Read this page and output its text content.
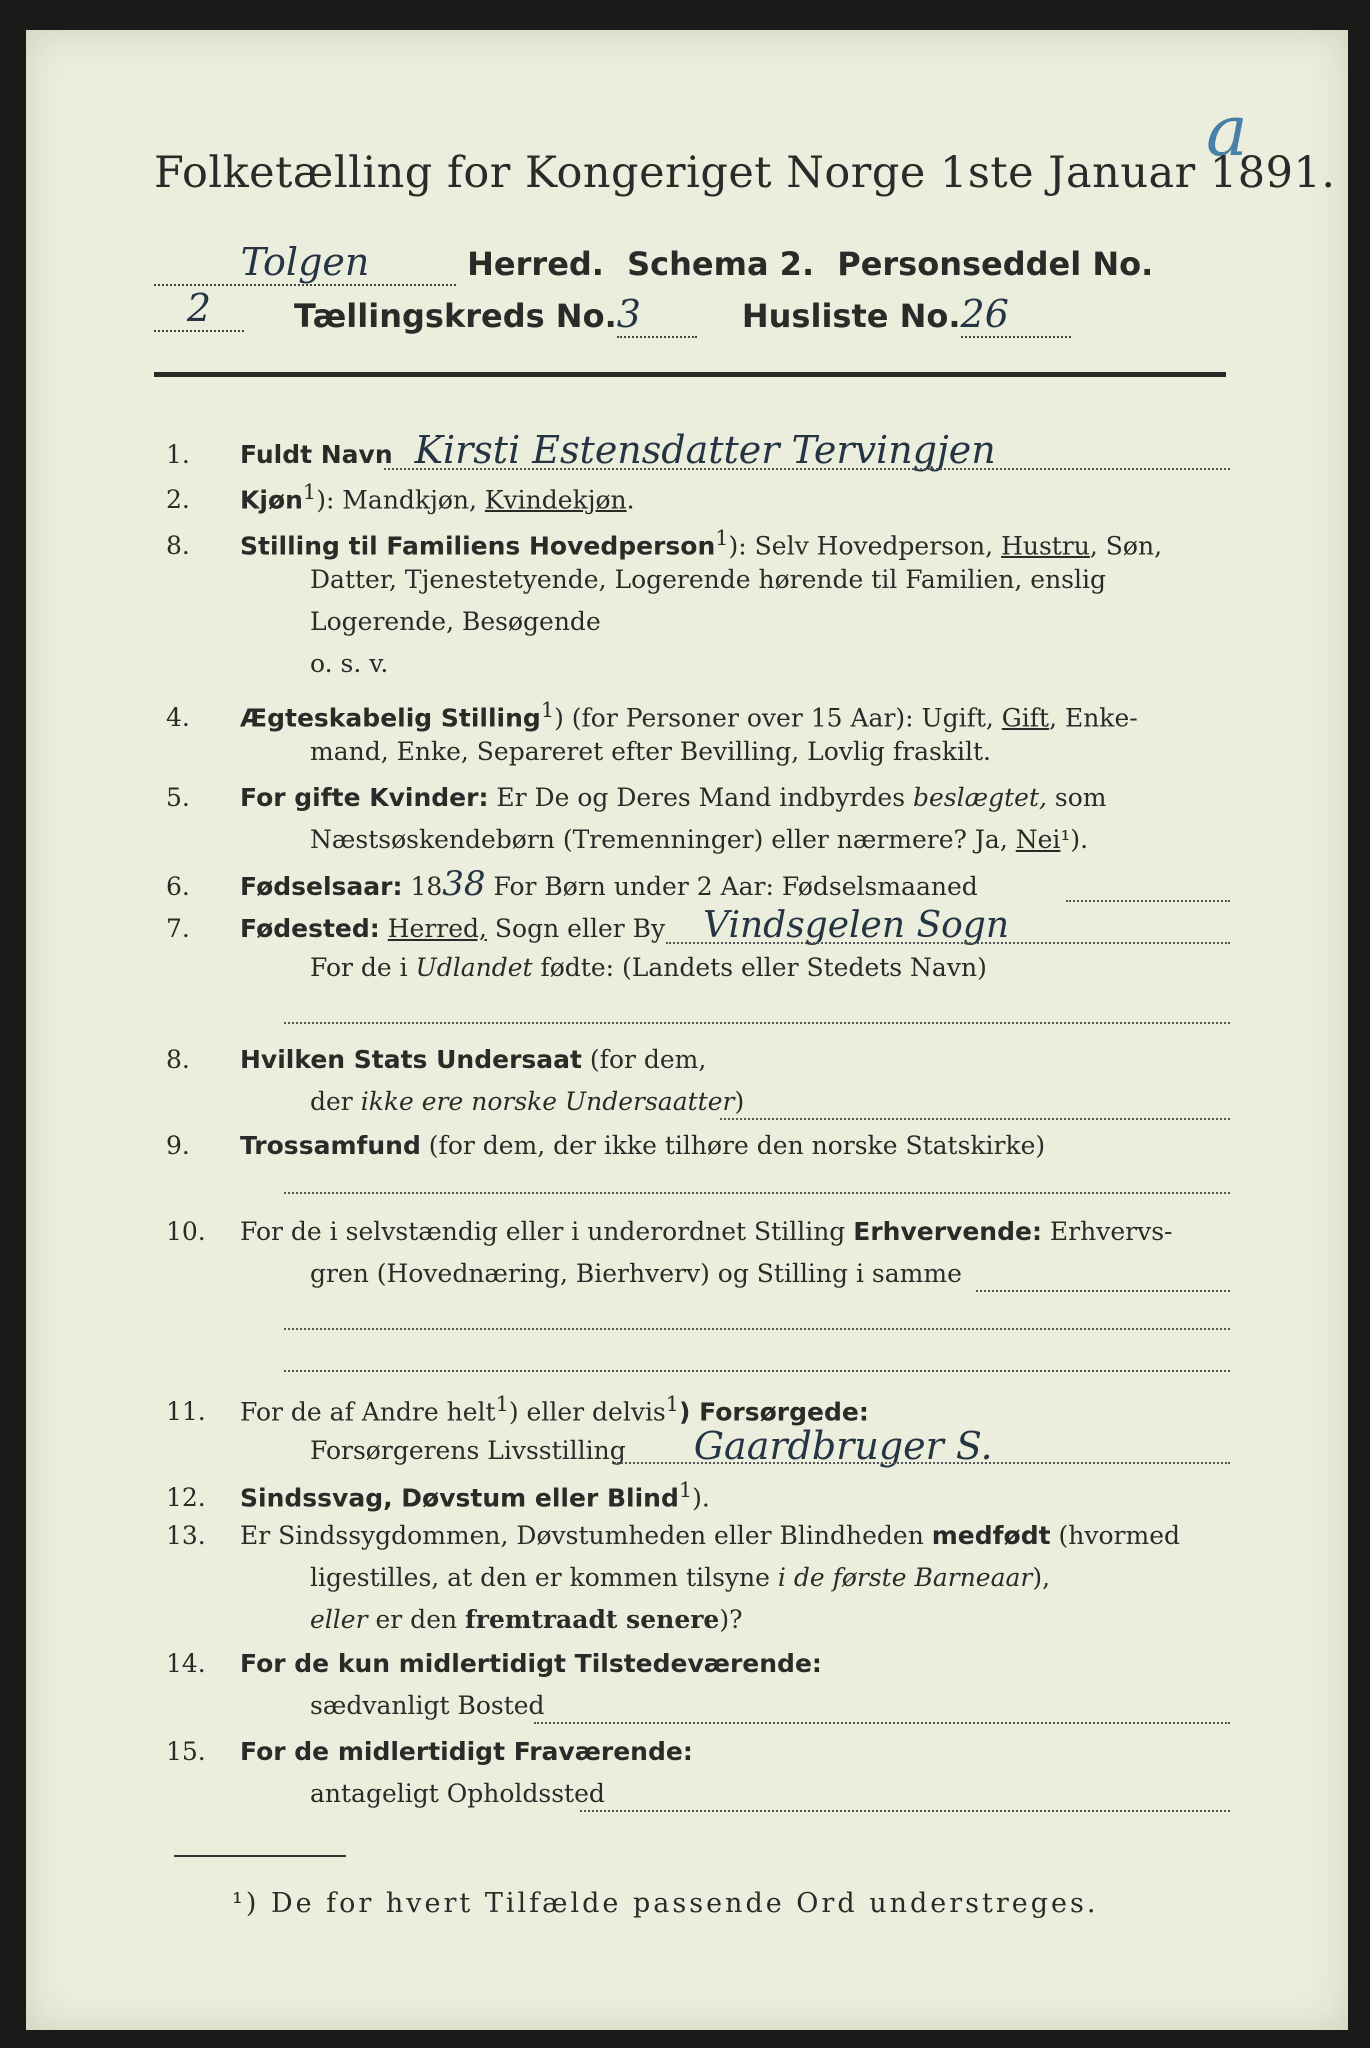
a
Folketælling for Kongeriget Norge 1ste Januar 1891.
Tolgen	Herred. Schema 2. Personseddel No. 2	Tællingskreds No.3	Husliste No.26
1. Fuldt Navn Kirsti Estensdatter Tervingjen
2. Kjøn$^1$): Mandkjøn, Kvindekjøn.
8. Stilling til Familiens Hovedperson$^1$): Selv Hovedperson, Hustru, Søn,
Datter, Tjenestetyende, Logerende hørende til Familien, enslig
Logerende, Besøgende
o. s. v.
4. Ægteskabelig Stilling$^1$) (for Personer over 15 Aar): Ugift, Gift, Enke-
mand, Enke, Separeret efter Bevilling, Lovlig fraskilt.
5. For gifte Kvinder: Er De og Deres Mand indbyrdes beslægtet, som
Næstsøskendebørn (Tremenninger) eller nærmere? Ja, Nei¹).
6. Fødselsaar: 1838 For Børn under 2 Aar: Fødselsmaaned
7. Fødested: Herred, Sogn eller By Vindsgelen Sogn
For de i Udlandet fødte: (Landets eller Stedets Navn)
8. Hvilken Stats Undersaat (for dem,
der ikke ere norske Undersaatter)
9. Trossamfund (for dem, der ikke tilhøre den norske Statskirke)
10. For de i selvstændig eller i underordnet Stilling Erhvervende: Erhvervs-
gren (Hovednæring, Bierhverv) og Stilling i samme
11. For de af Andre helt$^1$) eller delvis$^1$) Forsørgede:
Forsørgerens Livsstilling Gaardbruger S.
12. Sindssvag, Døvstum eller Blind$^1$).
13. Er Sindssygdommen, Døvstumheden eller Blindheden medfødt (hvormed
ligestilles, at den er kommen tilsyne i de første Barneaar),
eller er den fremtraadt senere)?
14. For de kun midlertidigt Tilstedeværende:
sædvanligt Bosted
15. For de midlertidigt Fraværende:
antageligt Opholdssted
¹) De for hvert Tilfælde passende Ord understreges.
